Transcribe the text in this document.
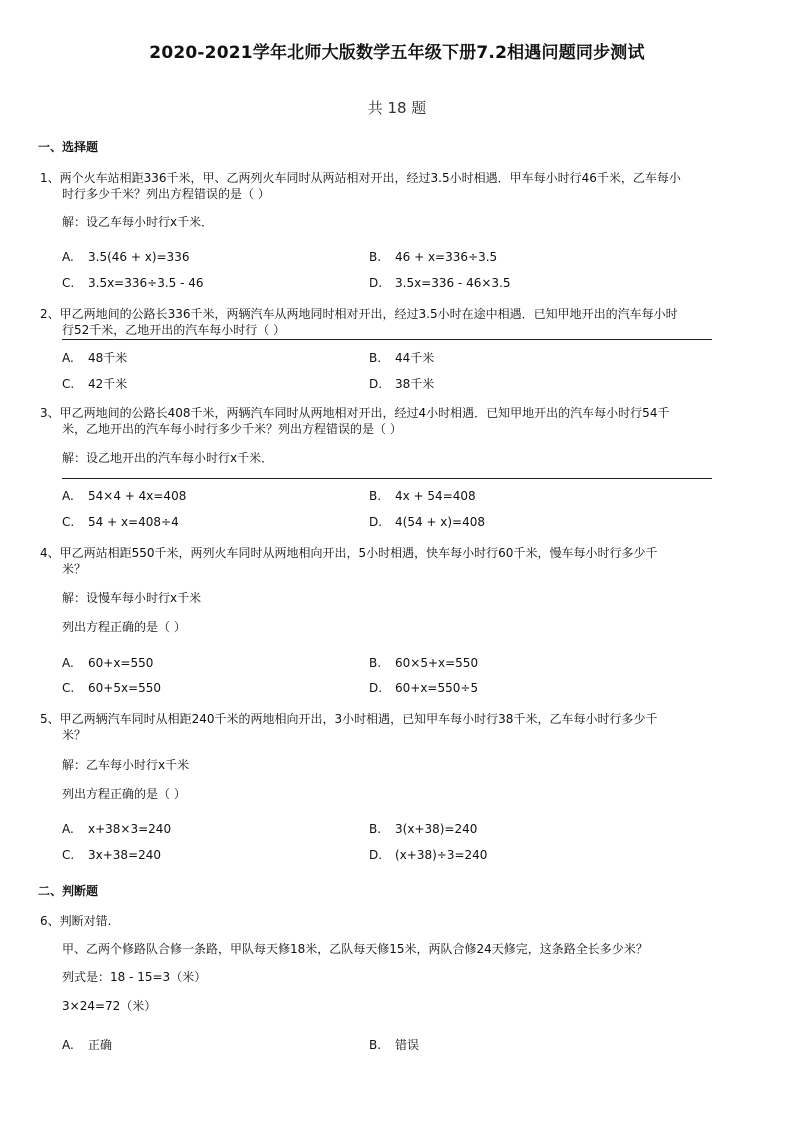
2020-2021学年北师大版数学五年级下册7.2相遇问题同步测试
共 18 题
一、选择题
1、两个火车站相距336千米，甲、乙两列火车同时从两站相对开出，经过3.5小时相遇．甲车每小时行46千米，乙车每小
时行多少千米？列出方程错误的是（ ）
解：设乙车每小时行x千米．
A. 3.5(46 + x)=336	B. 46 + x=336÷3.5
C. 3.5x=336÷3.5 - 46	D. 3.5x=336 - 46×3.5
2、甲乙两地间的公路长336千米，两辆汽车从两地同时相对开出，经过3.5小时在途中相遇．已知甲地开出的汽车每小时
行52千米，乙地开出的汽车每小时行（ ）
A. 48千米	B. 44千米
C. 42千米	D. 38千米
3、甲乙两地间的公路长408千米，两辆汽车同时从两地相对开出，经过4小时相遇．已知甲地开出的汽车每小时行54千
米，乙地开出的汽车每小时行多少千米？列出方程错误的是（ ）
解：设乙地开出的汽车每小时行x千米．
A. 54×4 + 4x=408	B. 4x + 54=408
C. 54 + x=408÷4	D. 4(54 + x)=408
4、甲乙两站相距550千米，两列火车同时从两地相向开出，5小时相遇，快车每小时行60千米，慢车每小时行多少千
米？
解：设慢车每小时行x千米
列出方程正确的是（ ）
A. 60+x=550	B. 60×5+x=550
C. 60+5x=550	D. 60+x=550÷5
5、甲乙两辆汽车同时从相距240千米的两地相向开出，3小时相遇，已知甲车每小时行38千米，乙车每小时行多少千
米？
解：乙车每小时行x千米
列出方程正确的是（ ）
A. x+38×3=240	B. 3(x+38)=240
C. 3x+38=240	D. (x+38)÷3=240
二、判断题
6、判断对错.
甲、乙两个修路队合修一条路，甲队每天修18米，乙队每天修15米，两队合修24天修完，这条路全长多少米？
列式是：18 - 15=3（米）
3×24=72（米）
A. 正确	B. 错误
